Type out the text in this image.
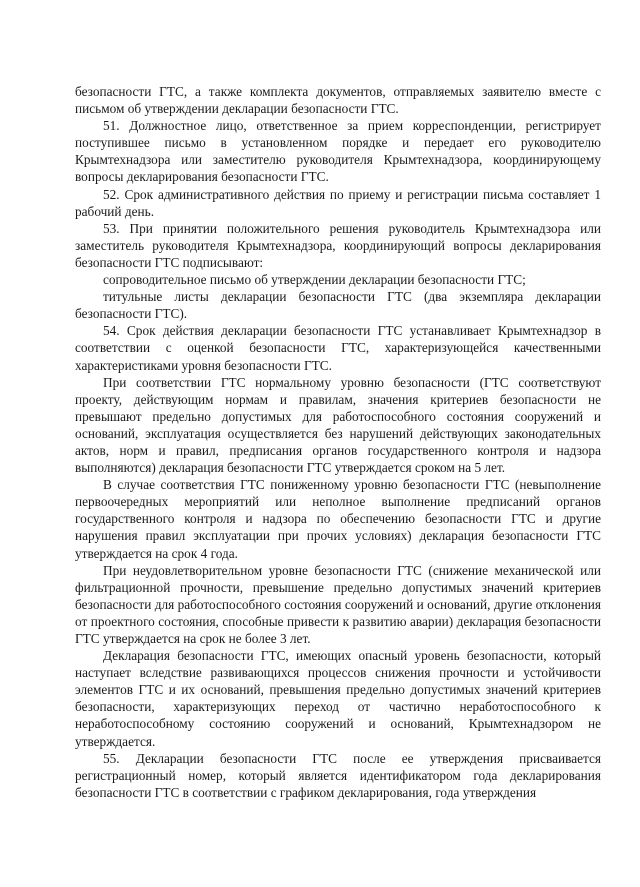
безопасности ГТС, а также комплекта документов, отправляемых заявителю вместе с письмом об утверждении декларации безопасности ГТС.

51. Должностное лицо, ответственное за прием корреспонденции, регистрирует поступившее письмо в установленном порядке и передает его руководителю Крымтехнадзора или заместителю руководителя Крымтехнадзора, координирующему вопросы декларирования безопасности ГТС.

52. Срок административного действия по приему и регистрации письма составляет 1 рабочий день.

53. При принятии положительного решения руководитель Крымтехнадзора или заместитель руководителя Крымтехнадзора, координирующий вопросы декларирования безопасности ГТС подписывают:

сопроводительное письмо об утверждении декларации безопасности ГТС;

титульные листы декларации безопасности ГТС (два экземпляра декларации безопасности ГТС).

54. Срок действия декларации безопасности ГТС устанавливает Крымтехнадзор в соответствии с оценкой безопасности ГТС, характеризующейся качественными характеристиками уровня безопасности ГТС.

При соответствии ГТС нормальному уровню безопасности (ГТС соответствуют проекту, действующим нормам и правилам, значения критериев безопасности не превышают предельно допустимых для работоспособного состояния сооружений и оснований, эксплуатация осуществляется без нарушений действующих законодательных актов, норм и правил, предписания органов государственного контроля и надзора выполняются) декларация безопасности ГТС утверждается сроком на 5 лет.

В случае соответствия ГТС пониженному уровню безопасности ГТС (невыполнение первоочередных мероприятий или неполное выполнение предписаний органов государственного контроля и надзора по обеспечению безопасности ГТС и другие нарушения правил эксплуатации при прочих условиях) декларация безопасности ГТС утверждается на срок 4 года.

При неудовлетворительном уровне безопасности ГТС (снижение механической или фильтрационной прочности, превышение предельно допустимых значений критериев безопасности для работоспособного состояния сооружений и оснований, другие отклонения от проектного состояния, способные привести к развитию аварии) декларация безопасности ГТС утверждается на срок не более 3 лет.

Декларация безопасности ГТС, имеющих опасный уровень безопасности, который наступает вследствие развивающихся процессов снижения прочности и устойчивости элементов ГТС и их оснований, превышения предельно допустимых значений критериев безопасности, характеризующих переход от частично неработоспособного к неработоспособному состоянию сооружений и оснований, Крымтехнадзором не утверждается.

55. Декларации безопасности ГТС после ее утверждения присваивается регистрационный номер, который является идентификатором года декларирования безопасности ГТС в соответствии с графиком декларирования, года утверждения
